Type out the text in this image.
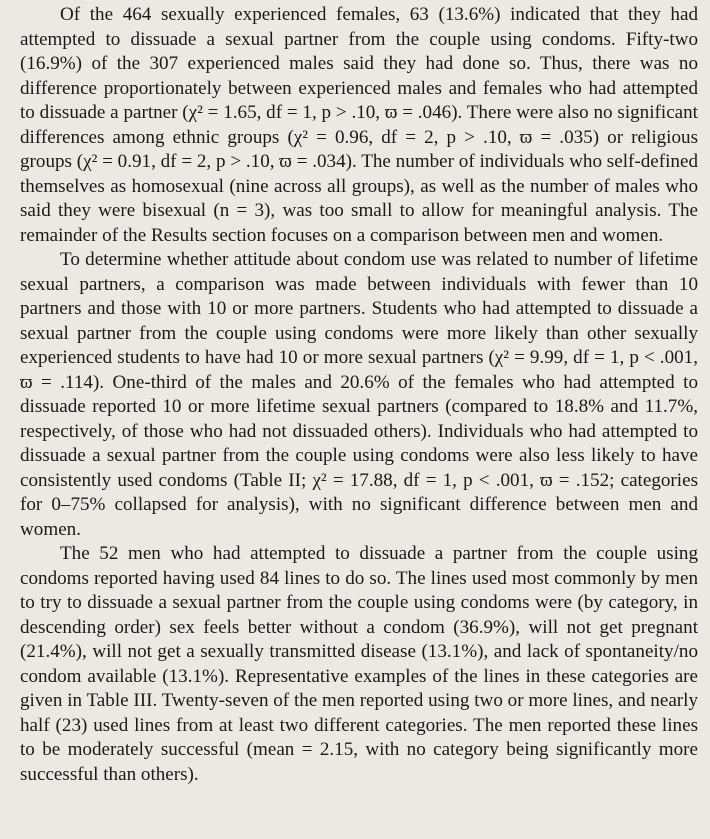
Of the 464 sexually experienced females, 63 (13.6%) indicated that they had attempted to dissuade a sexual partner from the couple using condoms. Fifty-two (16.9%) of the 307 experienced males said they had done so. Thus, there was no difference proportionately between experienced males and females who had attempted to dissuade a partner (χ² = 1.65, df = 1, p > .10, ϖ = .046). There were also no significant differences among ethnic groups (χ² = 0.96, df = 2, p > .10, ϖ = .035) or religious groups (χ² = 0.91, df = 2, p > .10, ϖ = .034). The number of individuals who self-defined themselves as homosexual (nine across all groups), as well as the number of males who said they were bisexual (n = 3), was too small to allow for meaningful analysis. The remainder of the Results section focuses on a comparison between men and women.

To determine whether attitude about condom use was related to number of lifetime sexual partners, a comparison was made between individuals with fewer than 10 partners and those with 10 or more partners. Students who had attempted to dissuade a sexual partner from the couple using condoms were more likely than other sexually experienced students to have had 10 or more sexual partners (χ² = 9.99, df = 1, p < .001, ϖ = .114). One-third of the males and 20.6% of the females who had attempted to dissuade reported 10 or more lifetime sexual partners (compared to 18.8% and 11.7%, respectively, of those who had not dissuaded others). Individuals who had attempted to dissuade a sexual partner from the couple using condoms were also less likely to have consistently used condoms (Table II; χ² = 17.88, df = 1, p < .001, ϖ = .152; categories for 0–75% collapsed for analysis), with no significant difference between men and women.

The 52 men who had attempted to dissuade a partner from the couple using condoms reported having used 84 lines to do so. The lines used most commonly by men to try to dissuade a sexual partner from the couple using condoms were (by category, in descending order) sex feels better without a condom (36.9%), will not get pregnant (21.4%), will not get a sexually transmitted disease (13.1%), and lack of spontaneity/no condom available (13.1%). Representative examples of the lines in these categories are given in Table III. Twenty-seven of the men reported using two or more lines, and nearly half (23) used lines from at least two different categories. The men reported these lines to be moderately successful (mean = 2.15, with no category being significantly more successful than others).
